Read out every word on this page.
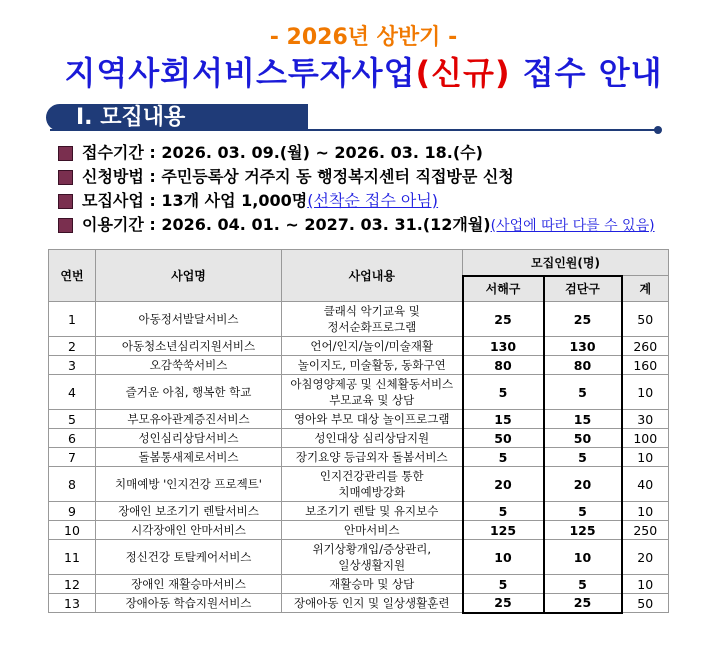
- 2026년 상반기 -
지역사회서비스투자사업(신규) 접수 안내
Ⅰ. 모집내용
접수기간 : 2026. 03. 09.(월) ~ 2026. 03. 18.(수)
신청방법 : 주민등록상 거주지 동 행정복지센터 직접방문 신청
모집사업 : 13개 사업 1,000명(선착순 접수 아님)
이용기간 : 2026. 04. 01. ~ 2027. 03. 31.(12개월)(사업에 따라 다를 수 있음)
연번	사업명	사업내용	모집인원(명)		
			서해구	검단구	계
1	아동정서발달서비스	클래식 악기교육 및
정서순화프로그램	25	25	50
2	아동청소년심리지원서비스	언어/인지/놀이/미술재활	130	130	260
3	오감쑥쑥서비스	놀이지도, 미술활동, 동화구연	80	80	160
4	즐거운 아침, 행복한 학교	아침영양제공 및 신체활동서비스
부모교육 및 상담	5	5	10
5	부모유아관계증진서비스	영아와 부모 대상 놀이프로그램	15	15	30
6	성인심리상담서비스	성인대상 심리상담지원	50	50	100
7	돌봄통새제로서비스	장기요양 등급외자 돌봄서비스	5	5	10
8	치매예방 '인지건강 프로젝트'	인지건강관리를 통한
치매예방강화	20	20	40
9	장애인 보조기기 렌탈서비스	보조기기 렌탈 및 유지보수	5	5	10
10	시각장애인 안마서비스	안마서비스	125	125	250
11	정신건강 토탈케어서비스	위기상황개입/증상관리,
일상생활지원	10	10	20
12	장애인 재활승마서비스	재활승마 및 상담	5	5	10
13	장애아동 학습지원서비스	장애아동 인지 및 일상생활훈련	25	25	50
